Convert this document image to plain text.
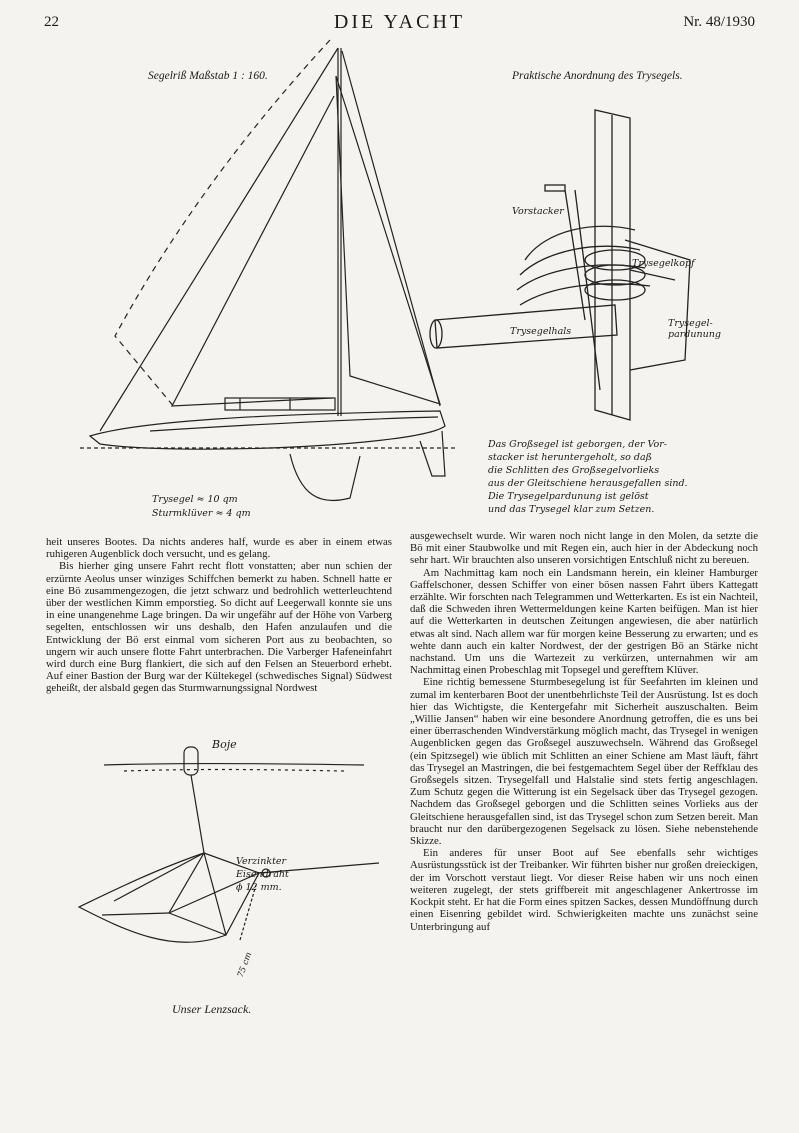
22	DIE YACHT	Nr. 48/1930
Segelriß Maßstab 1 : 160.	Praktische Anordnung des Trysegels.
Trysegel ≈ 10 qm
Sturmklüver ≈ 4 qm
Vorstacker
Trysegelkopf
Trysegelhals
Trysegel-pardunung
Das Großsegel ist geborgen, der Vor-
stacker ist heruntergeholt, so daß
die Schlitten des Großsegelvorlieks
aus der Gleitschiene herausgefallen sind.
Die Trysegelpardunung ist gelöst
und das Trysegel klar zum Setzen.

heit unseres Bootes. Da nichts anderes half, wurde es aber in einem etwas ruhigeren Augenblick doch versucht, und es gelang.

Bis hierher ging unsere Fahrt recht flott vonstatten; aber nun schien der erzürnte Aeolus unser winziges Schiffchen bemerkt zu haben. Schnell hatte er eine Bö zusammengezogen, die jetzt schwarz und bedrohlich wetterleuchtend über der westlichen Kimm emporstieg. So dicht auf Leegerwall konnte sie uns in eine unangenehme Lage bringen. Da wir ungefähr auf der Höhe von Varberg segelten, entschlossen wir uns deshalb, den Hafen anzulaufen und die Entwicklung der Bö erst einmal vom sicheren Port aus zu beobachten, so ungern wir auch unsere flotte Fahrt unterbrachen. Die Varberger Hafeneinfahrt wird durch eine Burg flankiert, die sich auf den Felsen an Steuerbord erhebt. Auf einer Bastion der Burg war der Kültekegel (schwedisches Signal) Südwest geheißt, der alsbald gegen das Sturmwarnungssignal Nordwest

Boje
Verzinkter
Eisendraht
ϕ 12 mm.
75 cm
Unser Lenzsack.

ausgewechselt wurde. Wir waren noch nicht lange in den Molen, da setzte die Bö mit einer Staubwolke und mit Regen ein, auch hier in der Abdeckung noch sehr hart. Wir brauchten also unseren vorsichtigen Entschluß nicht zu bereuen.

Am Nachmittag kam noch ein Landsmann herein, ein kleiner Hamburger Gaffelschoner, dessen Schiffer von einer bösen nassen Fahrt übers Kattegatt erzählte. Wir forschten nach Telegrammen und Wetterkarten. Es ist ein Nachteil, daß die Schweden ihren Wettermeldungen keine Karten beifügen. Man ist hier auf die Wetterkarten in deutschen Zeitungen angewiesen, die aber natürlich etwas alt sind. Nach allem war für morgen keine Besserung zu erwarten; und es wehte dann auch ein kalter Nordwest, der der gestrigen Bö an Stärke nicht nachstand. Um uns die Wartezeit zu verkürzen, unternahmen wir am Nachmittag einen Probeschlag mit Topsegel und gerefftem Klüver.

Eine richtig bemessene Sturmbesegelung ist für Seefahrten im kleinen und zumal im kenterbaren Boot der unentbehrlichste Teil der Ausrüstung. Ist es doch hier das Wichtigste, die Kentergefahr mit Sicherheit auszuschalten. Beim „Willie Jansen“ haben wir eine besondere Anordnung getroffen, die es uns bei einer überraschenden Windverstärkung möglich macht, das Trysegel in wenigen Augenblicken gegen das Großsegel auszuwechseln. Während das Großsegel (ein Spitzsegel) wie üblich mit Schlitten an einer Schiene am Mast läuft, fährt das Trysegel an Mastringen, die bei festgemachtem Segel über der Reffklau des Großsegels sitzen. Trysegelfall und Halstalie sind stets fertig angeschlagen. Zum Schutz gegen die Witterung ist ein Segelsack über das Trysegel gezogen. Nachdem das Großsegel geborgen und die Schlitten seines Vorlieks aus der Gleitschiene herausgefallen sind, ist das Trysegel schon zum Setzen bereit. Man braucht nur den darübergezogenen Segelsack zu lösen. Siehe nebenstehende Skizze.

Ein anderes für unser Boot auf See ebenfalls sehr wichtiges Ausrüstungsstück ist der Treibanker. Wir führten bisher nur großen dreieckigen, der im Vorschott verstaut liegt. Vor dieser Reise haben wir uns noch einen weiteren zugelegt, der stets griffbereit mit angeschlagener Ankertrosse im Kockpit steht. Er hat die Form eines spitzen Sackes, dessen Mundöffnung durch einen Eisenring gebildet wird. Schwierigkeiten machte uns zunächst seine Unterbringung auf
